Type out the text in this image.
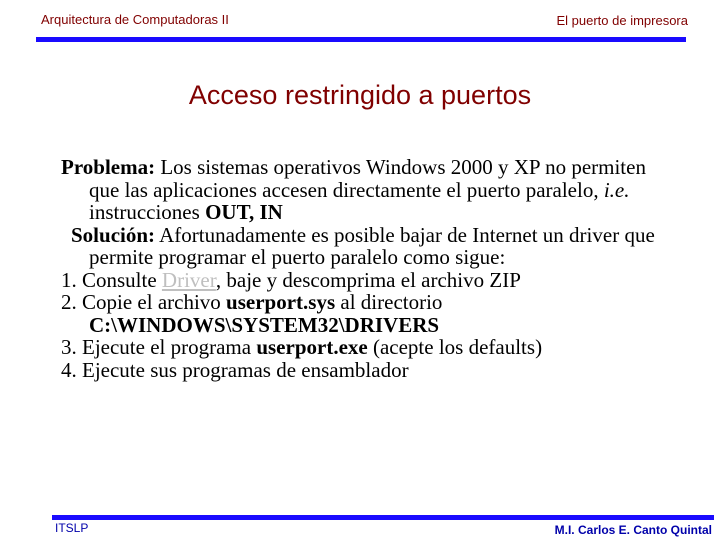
Arquitectura de Computadoras II	El puerto de impresora
Acceso restringido a puertos

Problema: Los sistemas operativos Windows 2000 y XP no permiten que las aplicaciones accesen directamente el puerto paralelo, i.e. instrucciones OUT, IN

Solución: Afortunadamente es posible bajar de Internet un driver que permite programar el puerto paralelo como sigue:

1. Consulte Driver, baje y descomprima el archivo ZIP

2. Copie el archivo userport.sys al directorio C:\WINDOWS\SYSTEM32\DRIVERS

3. Ejecute el programa userport.exe (acepte los defaults)

4. Ejecute sus programas de ensamblador

ITSLP	M.I. Carlos E. Canto Quintal
